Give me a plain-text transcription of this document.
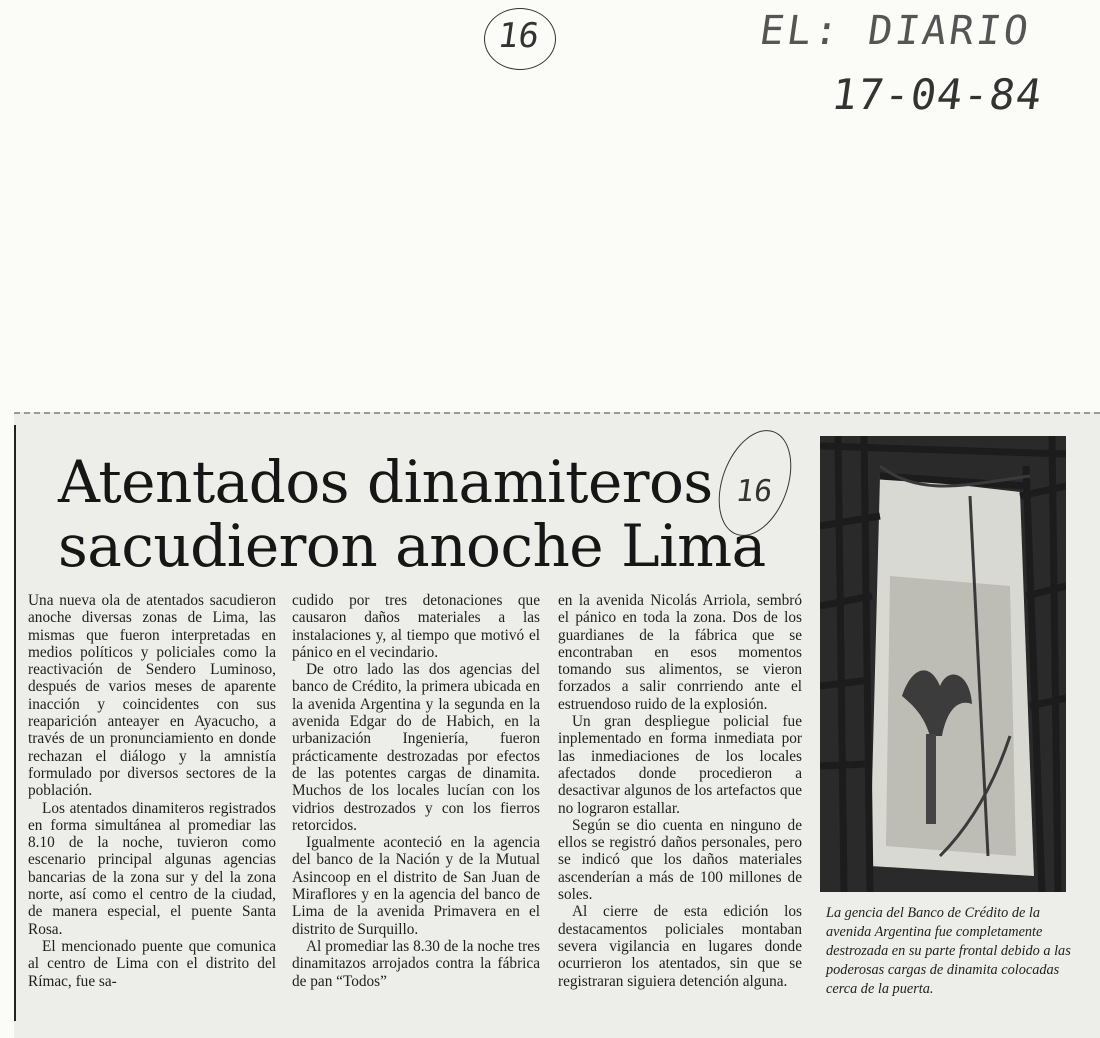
16	EL: DIARIO
17-04-84
Atentados dinamiteros
sacudieron anoche Lima
16

Una nueva ola de atentados sacudieron anoche diversas zonas de Lima, las mismas que fueron interpretadas en medios políticos y policiales como la reactivación de Sendero Luminoso, después de varios meses de aparente inacción y coincidentes con sus reaparición anteayer en Ayacucho, a través de un pronunciamiento en donde rechazan el diálogo y la amnistía formulado por diversos sectores de la población.

Los atentados dinamiteros registrados en forma simultánea al promediar las 8.10 de la noche, tuvieron como escenario principal algunas agencias bancarias de la zona sur y del la zona norte, así como el centro de la ciudad, de manera especial, el puente Santa Rosa.

El mencionado puente que comunica al centro de Lima con el distrito del Rímac, fue sa-

cudido por tres detonaciones que causaron daños materiales a las instalaciones y, al tiempo que motivó el pánico en el vecindario.

De otro lado las dos agencias del banco de Crédito, la primera ubicada en la avenida Argentina y la segunda en la avenida Edgar do de Habich, en la urbanización Ingeniería, fueron prácticamente destrozadas por efectos de las potentes cargas de dinamita. Muchos de los locales lucían con los vidrios destrozados y con los fierros retorcidos.

Igualmente aconteció en la agencia del banco de la Nación y de la Mutual Asincoop en el distrito de San Juan de Miraflores y en la agencia del banco de Lima de la avenida Primavera en el distrito de Surquillo.

Al promediar las 8.30 de la noche tres dinamitazos arrojados contra la fábrica de pan “Todos”

en la avenida Nicolás Arriola, sembró el pánico en toda la zona. Dos de los guardianes de la fábrica que se encontraban en esos momentos tomando sus alimentos, se vieron forzados a salir conrriendo ante el estruendoso ruido de la explosión.

Un gran despliegue policial fue inplementado en forma inmediata por las inmediaciones de los locales afectados donde procedieron a desactivar algunos de los artefactos que no lograron estallar.

Según se dio cuenta en ninguno de ellos se registró daños personales, pero se indicó que los daños materiales ascenderían a más de 100 millones de soles.

Al cierre de esta edición los destacamentos policiales montaban severa vigilancia en lugares donde ocurrieron los atentados, sin que se registraran siguiera detención alguna.

La gencia del Banco de Crédito de la avenida Argentina fue completamente destrozada en su parte frontal debido a las poderosas cargas de dinamita colocadas cerca de la puerta.
